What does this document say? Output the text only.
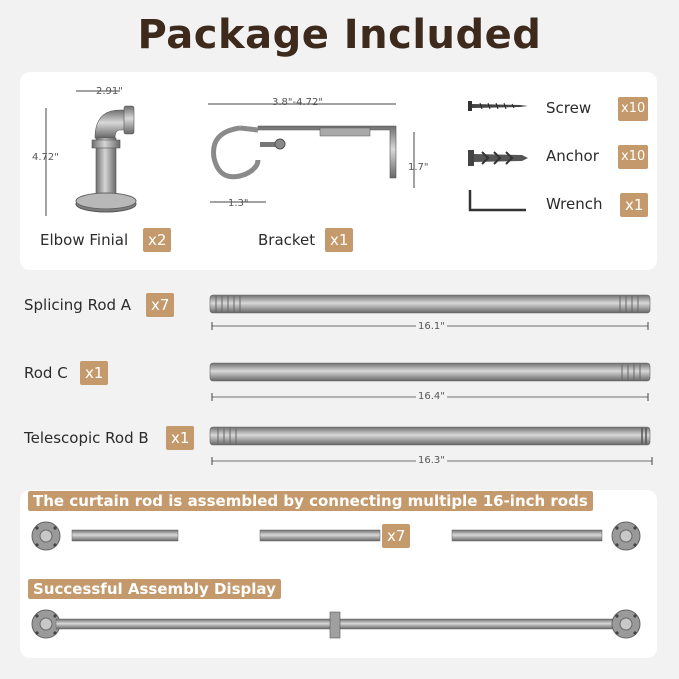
Package Included
2.91"
4.72"
Elbow Finial	x2
3.8"-4.72"
1.7"
1.3"
Bracket x1
Screw x10
Anchor x10
Wrench	x1
Splicing Rod A	x7
16.1"
Rod C	x1
16.4"
Telescopic Rod B	x1
16.3"
The curtain rod is assembled by connecting multiple 16-inch rods
x7
Successful Assembly Display
